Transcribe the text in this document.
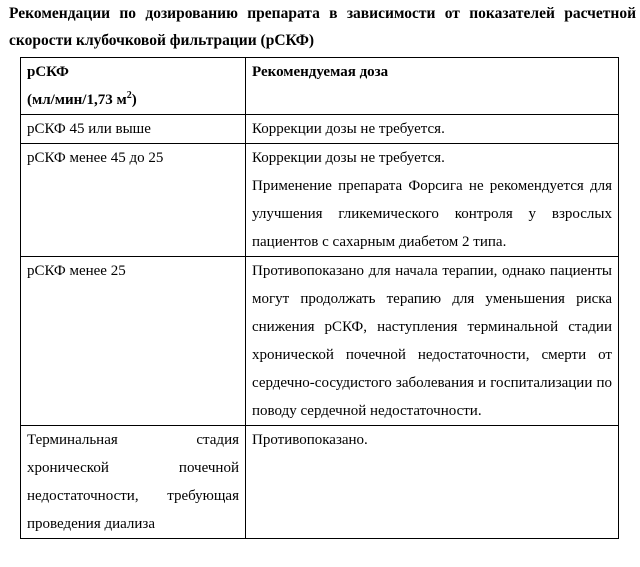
Рекомендации по дозированию препарата в зависимости от показателей расчетной скорости клубочковой фильтрации (рСКФ)
рСКФ
(мл/мин/1,73 $м^2$)	Рекомендуемая доза
рСКФ 45 или выше	Коррекции дозы не требуется.

рСКФ менее 45 до 25	Коррекции дозы не требуется.
Применение препарата Форсига не рекомендуется для улучшения гликемического контроля у взрослых пациентов с сахарным диабетом 2 типа.

рСКФ менее 25	Противопоказано для начала терапии, однако пациенты могут продолжать терапию для уменьшения риска снижения рСКФ, наступления терминальной стадии хронической почечной недостаточности, смерти от сердечно-сосудистого заболевания и госпитализации по поводу сердечной недостаточности.

Терминальная стадия хронической почечной недостаточности, требующая проведения диализа	Противопоказано.
